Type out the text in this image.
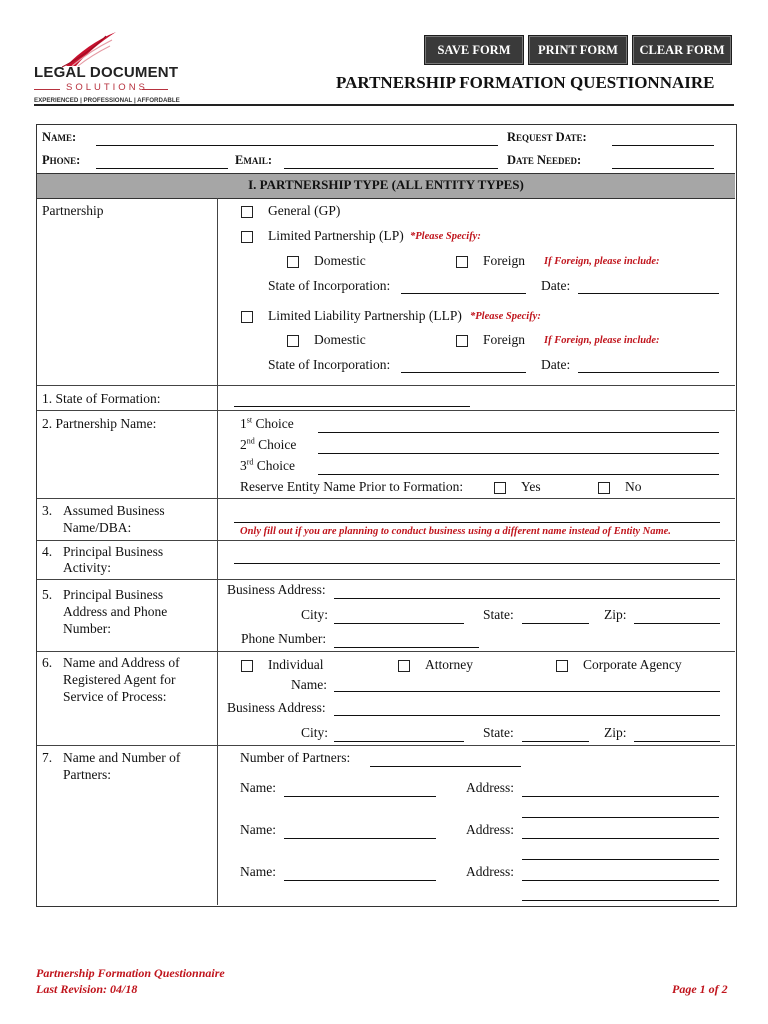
LEGAL DOCUMENT
SOLUTIONS
EXPERIENCED | PROFESSIONAL | AFFORDABLE
SAVE FORM	PRINT FORM	CLEAR FORM
PARTNERSHIP FORMATION QUESTIONNAIRE
Name:	Request Date:
Phone:	Email:	Date Needed:
I. PARTNERSHIP TYPE (ALL ENTITY TYPES)
Partnership	General (GP)
Limited Partnership (LP) *Please Specify:
Domestic	Foreign If Foreign, please include:
State of Incorporation:	Date:
Limited Liability Partnership (LLP) *Please Specify:
Domestic	Foreign If Foreign, please include:
State of Incorporation:	Date:
1. State of Formation:
2. Partnership Name:	1st Choice
2nd Choice
3rd Choice
Reserve Entity Name Prior to Formation:	Yes	No
3. Assumed Business
Name/DBA:	Only fill out if you are planning to conduct business using a different name instead of Entity Name.
4. Principal Business
Activity:
5. Principal Business
Address and Phone
Number:
Business Address:
City:	State:	Zip:
Phone Number:
6. Name and Address of
Registered Agent for
Service of Process:
Individual	Attorney	Corporate Agency
Name:
Business Address:
City:	State:	Zip:
7. Name and Number of
Partners:
Number of Partners:
Name:	Address:
Name:	Address:
Name:	Address:
Partnership Formation Questionnaire
Last Revision: 04/18	Page 1 of 2
